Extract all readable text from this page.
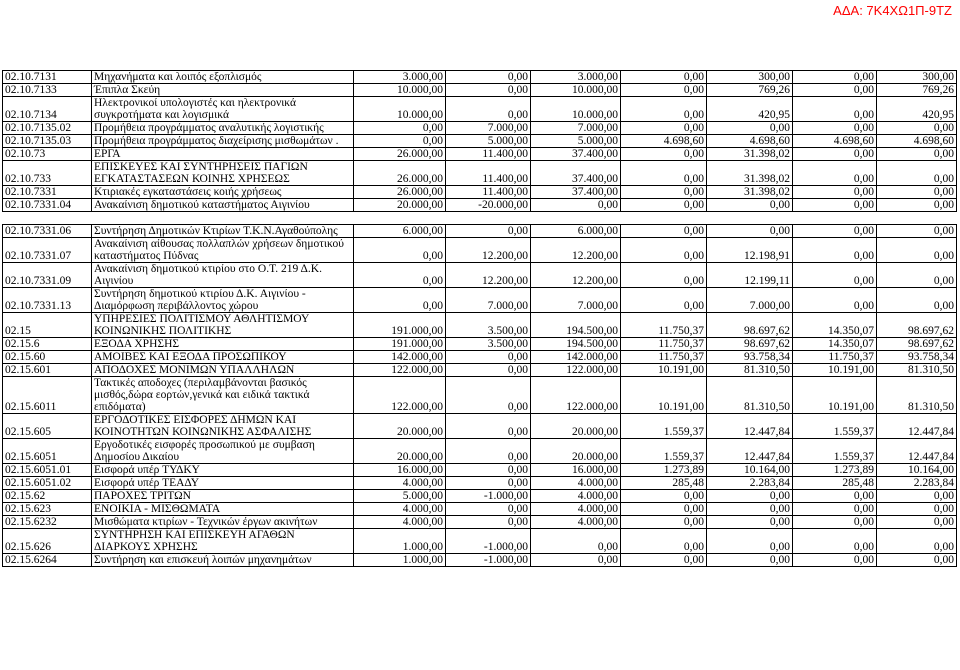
ΑΔΑ: 7Κ4ΧΩ1Π-9ΤΖ
02.10.7131	Μηχανήματα και λοιπός εξοπλισμός	3.000,00	0,00	3.000,00	0,00	300,00	0,00	300,00
02.10.7133	Έπιπλα Σκεύη	10.000,00	0,00	10.000,00	0,00	769,26	0,00	769,26
02.10.7134	Ηλεκτρονικοί υπολογιστές και ηλεκτρονικά συγκροτήματα και λογισμικά	10.000,00	0,00	10.000,00	0,00	420,95	0,00	420,95
02.10.7135.02	Προμήθεια προγράμματος αναλυτικής λογιστικής	0,00	7.000,00	7.000,00	0,00	0,00	0,00	0,00
02.10.7135.03	Προμήθεια προγράμματος διαχείρισης μισθωμάτων .	0,00	5.000,00	5.000,00	4.698,60	4.698,60	4.698,60	4.698,60
02.10.73	ΕΡΓΑ	26.000,00	11.400,00	37.400,00	0,00	31.398,02	0,00	0,00
02.10.733	ΕΠΙΣΚΕΥΕΣ ΚΑΙ ΣΥΝΤΗΡΗΣΕΙΣ ΠΑΓΙΩΝ ΕΓΚΑΤΑΣΤΑΣΕΩΝ ΚΟΙΝΗΣ ΧΡΗΣΕΩΣ	26.000,00	11.400,00	37.400,00	0,00	31.398,02	0,00	0,00
02.10.7331	Κτιριακές εγκαταστάσεις κοιής χρήσεως	26.000,00	11.400,00	37.400,00	0,00	31.398,02	0,00	0,00
02.10.7331.04	Ανακαίνιση δημοτικού καταστήματος Αιγινίου	20.000,00	-20.000,00	0,00	0,00	0,00	0,00	0,00

02.10.7331.06	Συντήρηση Δημοτικών Κτιρίων Τ.Κ.Ν.Αγαθούπολης	6.000,00	0,00	6.000,00	0,00	0,00	0,00	0,00
02.10.7331.07	Ανακαίνιση αίθουσας πολλαπλών χρήσεων δημοτικού καταστήματος Πύδνας	0,00	12.200,00	12.200,00	0,00	12.198,91	0,00	0,00
02.10.7331.09	Ανακαίνιση δημοτικού κτιρίου στο Ο.Τ. 219 Δ.Κ. Αιγινίου	0,00	12.200,00	12.200,00	0,00	12.199,11	0,00	0,00
02.10.7331.13	Συντήρηση δημοτικού κτιρίου Δ.Κ. Αιγινίου - Διαμόρφωση περιβάλλοντος χώρου	0,00	7.000,00	7.000,00	0,00	7.000,00	0,00	0,00
02.15	ΥΠΗΡΕΣΙΕΣ ΠΟΛΙΤΙΣΜΟΥ ΑΘΛΗΤΙΣΜΟΥ ΚΟΙΝΩΝΙΚΗΣ ΠΟΛΙΤΙΚΗΣ	191.000,00	3.500,00	194.500,00	11.750,37	98.697,62	14.350,07	98.697,62
02.15.6	ΕΞΟΔΑ ΧΡΗΣΗΣ	191.000,00	3.500,00	194.500,00	11.750,37	98.697,62	14.350,07	98.697,62
02.15.60	ΑΜΟΙΒΕΣ ΚΑΙ ΕΞΟΔΑ ΠΡΟΣΩΠΙΚΟΥ	142.000,00	0,00	142.000,00	11.750,37	93.758,34	11.750,37	93.758,34
02.15.601	ΑΠΟΔΟΧΕΣ ΜΟΝΙΜΩΝ ΥΠΑΛΛΗΛΩΝ	122.000,00	0,00	122.000,00	10.191,00	81.310,50	10.191,00	81.310,50
02.15.6011	Τακτικές αποδοχες (περιλαμβάνονται βασικός μισθός,δώρα εορτών,γενικά και ειδικά τακτικά επιδόματα)	122.000,00	0,00	122.000,00	10.191,00	81.310,50	10.191,00	81.310,50
02.15.605	ΕΡΓΟΔΟΤΙΚΕΣ ΕΙΣΦΟΡΕΣ ΔΗΜΩΝ ΚΑΙ ΚΟΙΝΟΤΗΤΩΝ ΚΟΙΝΩΝΙΚΗΣ ΑΣΦΑΛΙΣΗΣ	20.000,00	0,00	20.000,00	1.559,37	12.447,84	1.559,37	12.447,84
02.15.6051	Εργοδοτικές εισφορές προσωπικού με συμβαση Δημοσίου Δικαίου	20.000,00	0,00	20.000,00	1.559,37	12.447,84	1.559,37	12.447,84
02.15.6051.01	Εισφορά υπέρ ΤΥΔΚΥ	16.000,00	0,00	16.000,00	1.273,89	10.164,00	1.273,89	10.164,00
02.15.6051.02	Εισφορά υπέρ ΤΕΑΔΥ	4.000,00	0,00	4.000,00	285,48	2.283,84	285,48	2.283,84
02.15.62	ΠΑΡΟΧΕΣ ΤΡΙΤΩΝ	5.000,00	-1.000,00	4.000,00	0,00	0,00	0,00	0,00
02.15.623	ΕΝΟΙΚΙΑ - ΜΙΣΘΩΜΑΤΑ	4.000,00	0,00	4.000,00	0,00	0,00	0,00	0,00
02.15.6232	Μισθώματα κτιρίων - Τεχνικών έργων ακινήτων	4.000,00	0,00	4.000,00	0,00	0,00	0,00	0,00
02.15.626	ΣΥΝΤΗΡΗΣΗ ΚΑΙ ΕΠΙΣΚΕΥΗ ΑΓΑΘΩΝ ΔΙΑΡΚΟΥΣ ΧΡΗΣΗΣ	1.000,00	-1.000,00	0,00	0,00	0,00	0,00	0,00
02.15.6264	Συντήρηση και επισκευή λοιπών μηχανημάτων	1.000,00	-1.000,00	0,00	0,00	0,00	0,00	0,00
